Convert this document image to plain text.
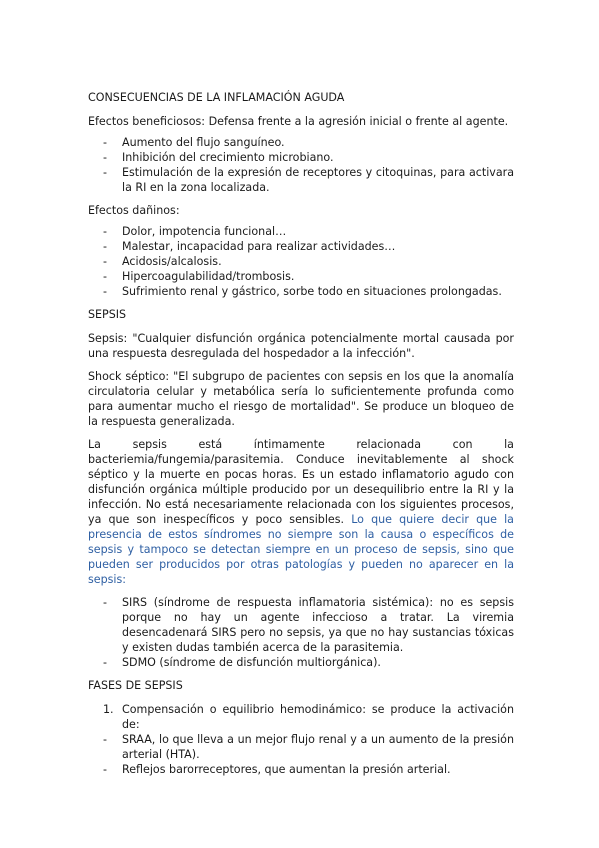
CONSECUENCIAS DE LA INFLAMACIÓN AGUDA

Efectos beneficiosos: Defensa frente a la agresión inicial o frente al agente.

- Aumento del flujo sanguíneo.
- Inhibición del crecimiento microbiano.
- Estimulación de la expresión de receptores y citoquinas, para activara la RI en la zona localizada.

Efectos dañinos:

- Dolor, impotencia funcional…
- Malestar, incapacidad para realizar actividades…
- Acidosis/alcalosis.
- Hipercoagulabilidad/trombosis.
- Sufrimiento renal y gástrico, sorbe todo en situaciones prolongadas.
SEPSIS

Sepsis: "Cualquier disfunción orgánica potencialmente mortal causada por una respuesta desregulada del hospedador a la infección".

Shock séptico: "El subgrupo de pacientes con sepsis en los que la anomalía circulatoria celular y metabólica sería lo suficientemente profunda como para aumentar mucho el riesgo de mortalidad". Se produce un bloqueo de la respuesta generalizada.

La sepsis está íntimamente relacionada con la bacteriemia/fungemia/parasitemia. Conduce inevitablemente al shock séptico y la muerte en pocas horas. Es un estado inflamatorio agudo con disfunción orgánica múltiple producido por un desequilibrio entre la RI y la infección. No está necesariamente relacionada con los siguientes procesos, ya que son inespecíficos y poco sensibles. Lo que quiere decir que la presencia de estos síndromes no siempre son la causa o específicos de sepsis y tampoco se detectan siempre en un proceso de sepsis, sino que pueden ser producidos por otras patologías y pueden no aparecer en la sepsis:

- SIRS (síndrome de respuesta inflamatoria sistémica): no es sepsis porque no hay un agente infeccioso a tratar. La viremia desencadenará SIRS pero no sepsis, ya que no hay sustancias tóxicas y existen dudas también acerca de la parasitemia.
- SDMO (síndrome de disfunción multiorgánica).
FASES DE SEPSIS
1. Compensación o equilibrio hemodinámico: se produce la activación de:
- SRAA, lo que lleva a un mejor flujo renal y a un aumento de la presión arterial (HTA).
- Reflejos barorreceptores, que aumentan la presión arterial.
